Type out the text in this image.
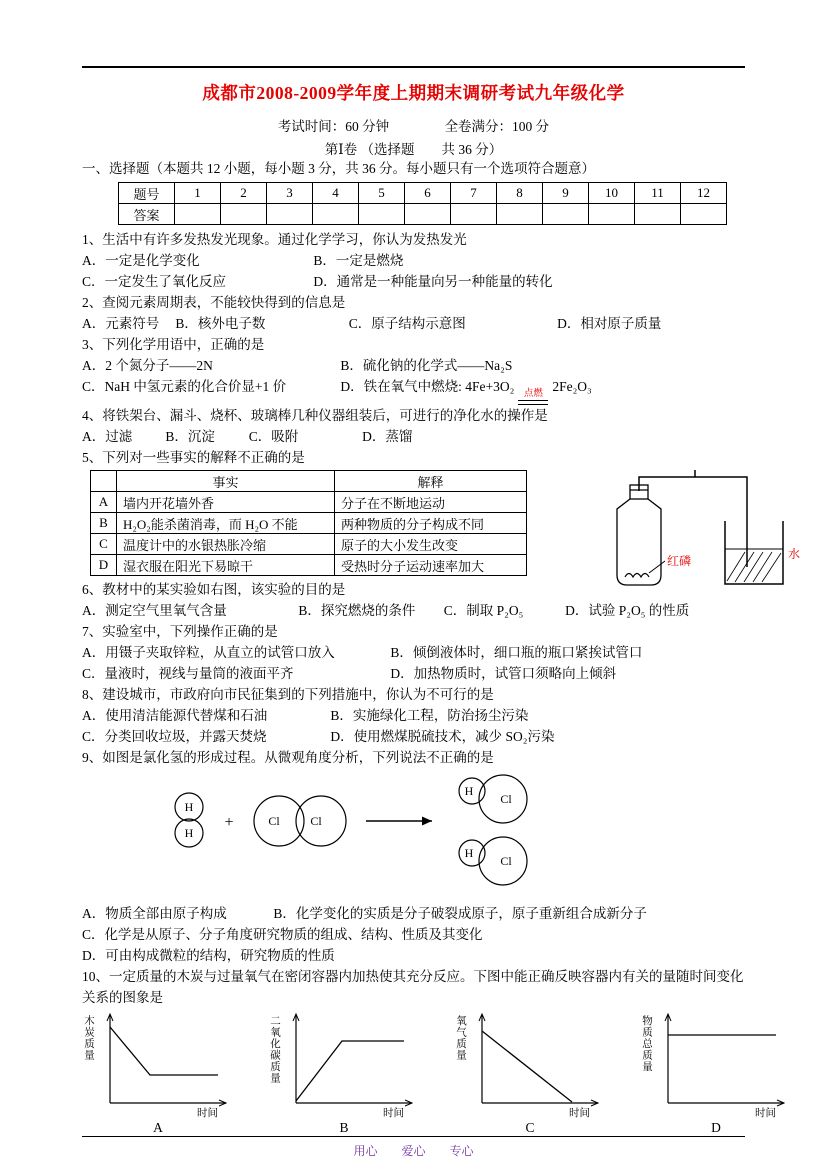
成都市2008-2009学年度上期期末调研考试九年级化学
考试时间：60 分钟	全卷满分：100 分
第Ⅰ卷 （选择题　　共 36 分）
一、选择题（本题共 12 小题，每小题 3 分，共 36 分。每小题只有一个选项符合题意）
题号	1	2	3	4	5	6	7	8	9	10	11	12
答案												
1、生活中有许多发热发光现象。通过化学学习，你认为发热发光
A．一定是化学变化	B．一定是燃烧
C．一定发生了氧化反应	D．通常是一种能量向另一种能量的转化
2、查阅元素周期表，不能较快得到的信息是
A．元素符号 B．核外电子数	C．原子结构示意图	D．相对原子质量
3、下列化学用语中，正确的是
A．2 个氮分子——2N	B．硫化钠的化学式——Na₂S
C．NaH 中氢元素的化合价显+1 价	D．铁在氧气中燃烧: 4Fe+3O₂ 点燃 2Fe₂O₃
4、将铁架台、漏斗、烧杯、玻璃棒几种仪器组装后，可进行的净化水的操作是
A．过滤 B．沉淀	C．吸附	D．蒸馏
5、下列对一些事实的解释不正确的是
	事实	解释
A	墙内开花墙外香	分子在不断地运动
B	H₂O₂能杀菌消毒，而 H₂O 不能	两种物质的分子构成不同
C	温度计中的水银热胀冷缩	原子的大小发生改变
D	湿衣服在阳光下易晾干	受热时分子运动速率加大	红磷	水
6、教材中的某实验如右图，该实验的目的是
A．测定空气里氧气含量	B．探究燃烧的条件 C．制取 P₂O₅	D．试验 P₂O₅ 的性质
7、实验室中，下列操作正确的是
A．用镊子夹取锌粒，从直立的试管口放入	B．倾倒液体时，细口瓶的瓶口紧挨试管口
C．量液时，视线与量筒的液面平齐	D．加热物质时，试管口须略向上倾斜
8、建设城市，市政府向市民征集到的下列措施中，你认为不可行的是
A．使用清洁能源代替煤和石油	B．实施绿化工程，防治扬尘污染
C．分类回收垃圾，并露天焚烧	D．使用燃煤脱硫技术，减少 SO₂污染
9、如图是氯化氢的形成过程。从微观角度分析，下列说法不正确的是
H
H
Cl	Cl
H
Cl
H
Cl
+
A．物质全部由原子构成	B．化学变化的实质是分子破裂成原子，原子重新组合成新分子
C．化学是从原子、分子角度研究物质的组成、结构、性质及其变化
D．可由构成微粒的结构，研究物质的性质
10、一定质量的木炭与过量氧气在密闭容器内加热使其充分反应。下图中能正确反映容器内有关的量随时间变化关系的图象是
木炭质量
时间
A
二氧化碳质量
时间
B
氧气质量
时间
C
物质总质量
时间
D
用心　　爱心　　专心
